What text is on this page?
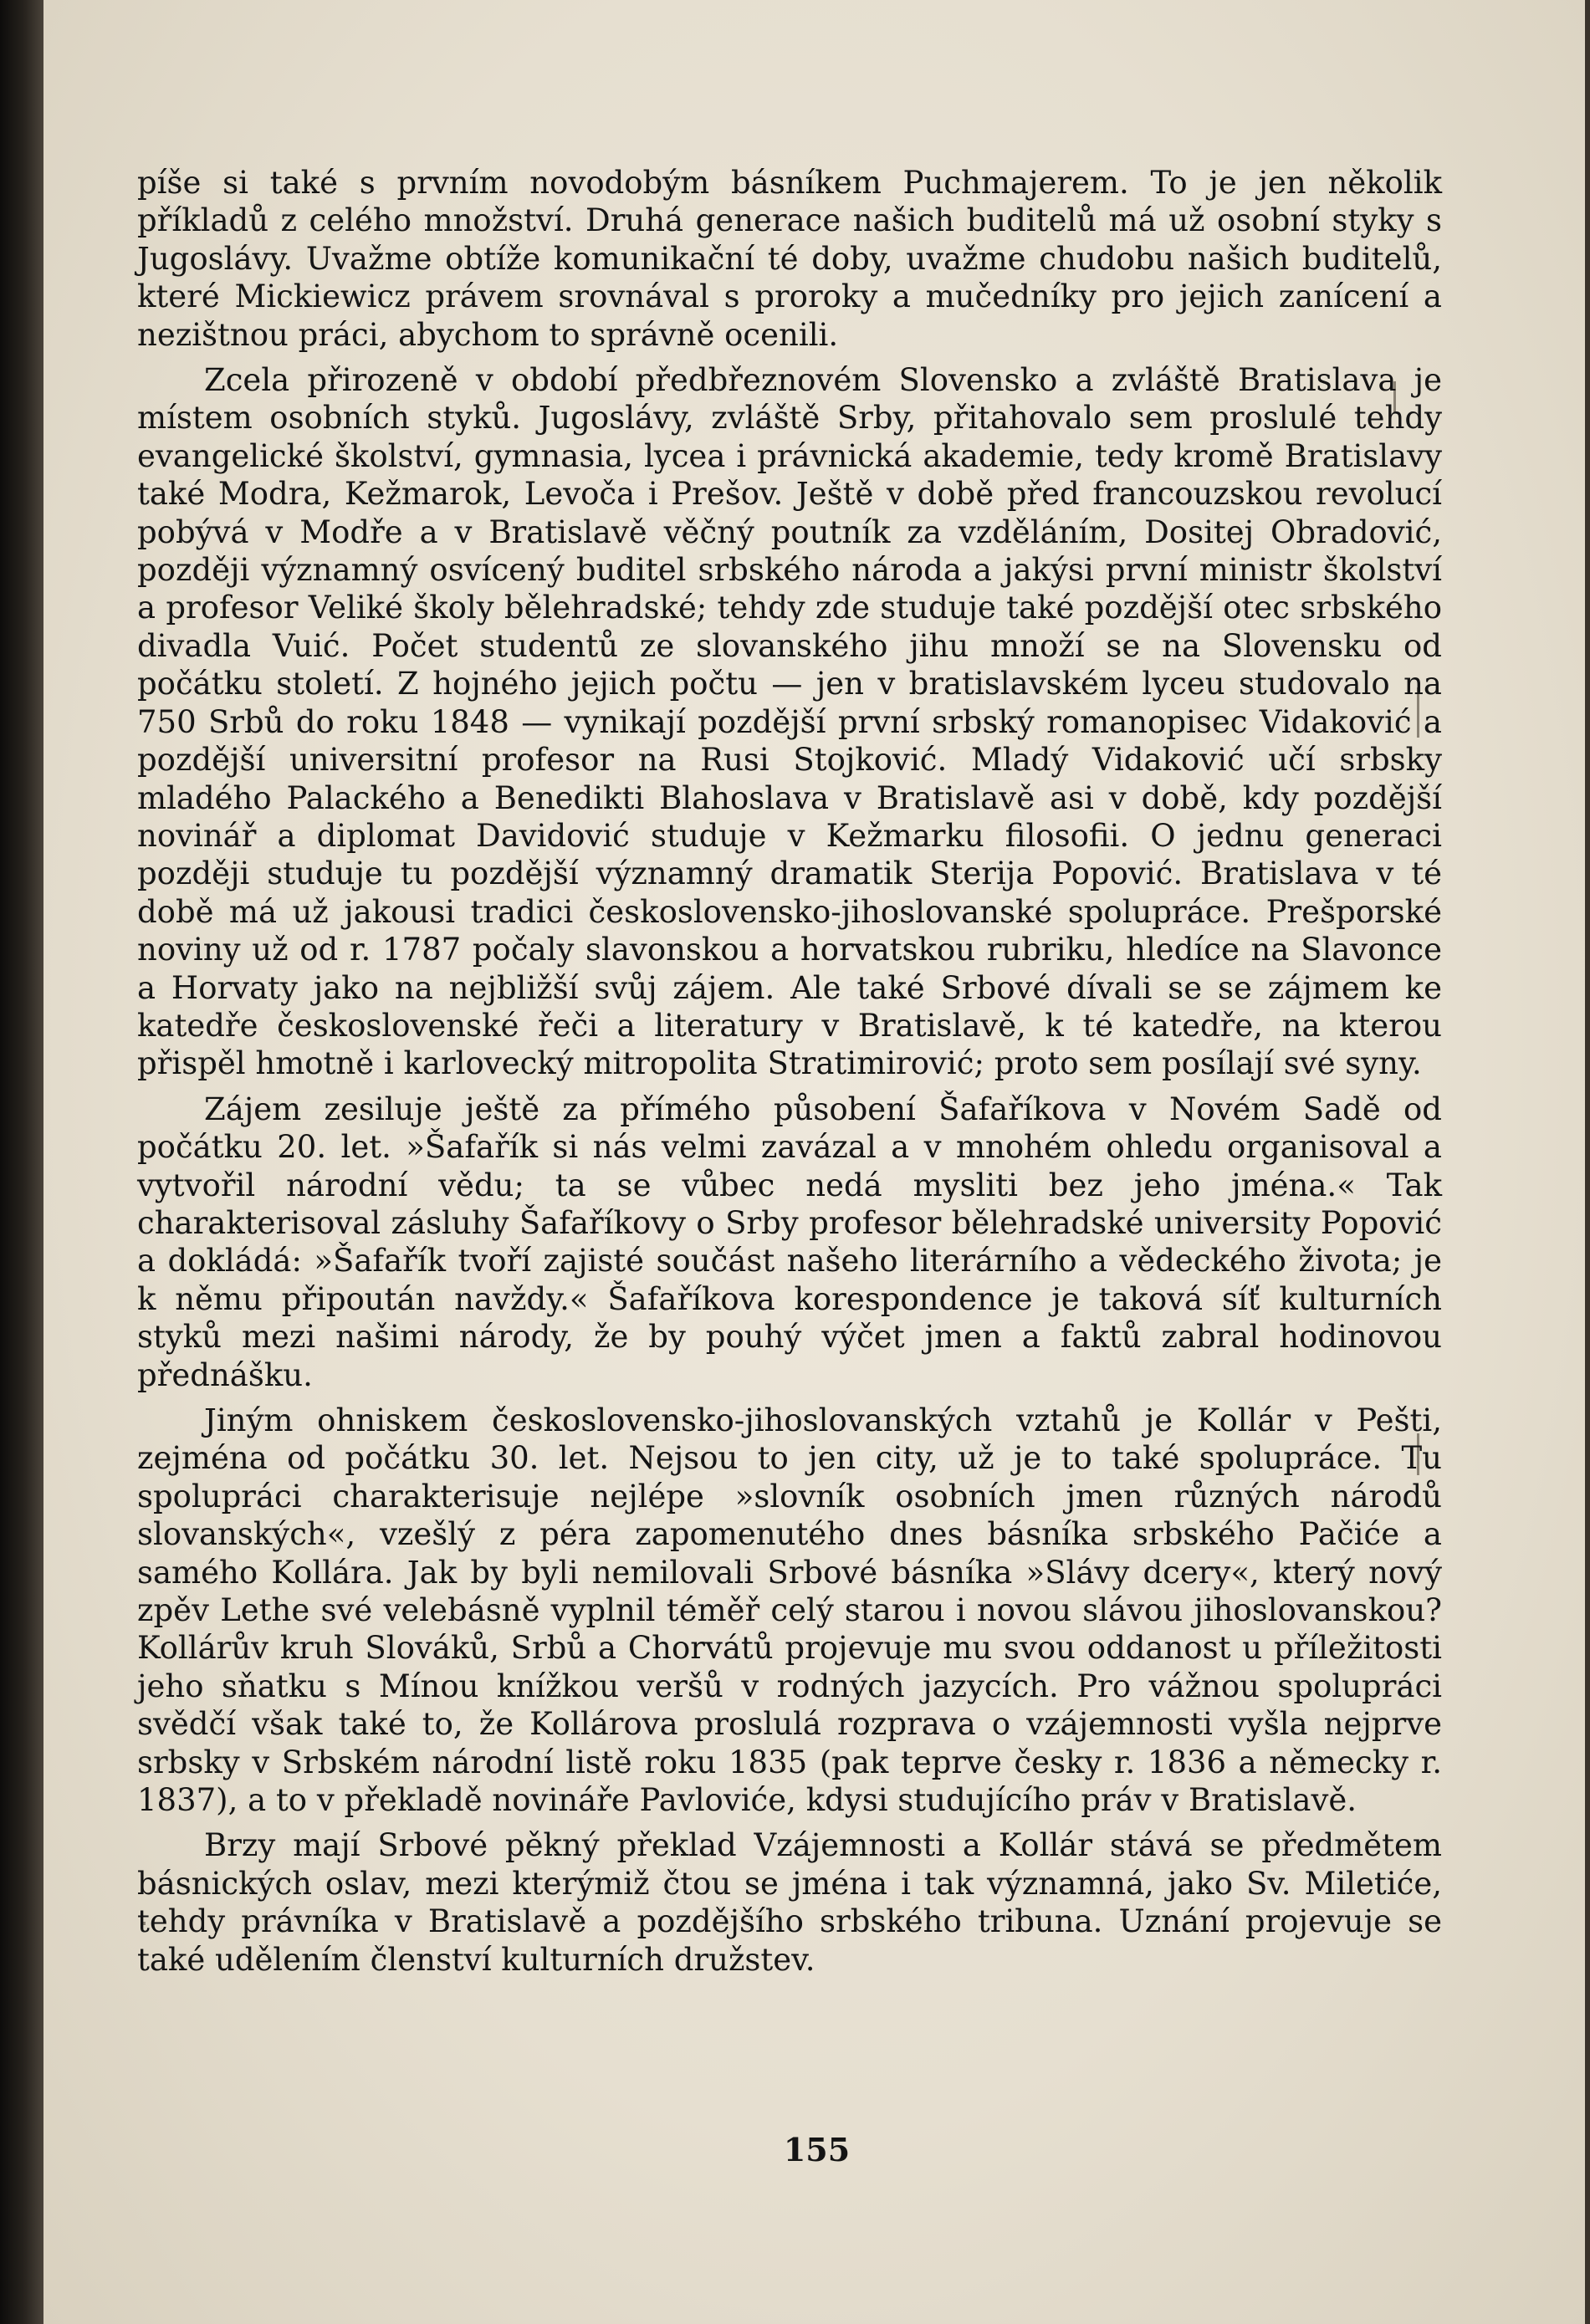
píše si také s prvním novodobým básníkem Puchmajerem. To je jen několik příkladů z celého množství. Druhá generace našich buditelů má už osobní styky s Jugoslávy. Uvažme obtíže komunikační té doby, uvažme chudobu našich buditelů, které Mickiewicz právem srovnával s proroky a mučedníky pro jejich zanícení a nezištnou práci, abychom to správně ocenili.

Zcela přirozeně v období předbřeznovém Slovensko a zvláště Bratislava je místem osobních styků. Jugoslávy, zvláště Srby, přitahovalo sem proslulé tehdy evangelické školství, gymnasia, lycea i právnická akademie, tedy kromě Bratislavy také Modra, Kežmarok, Levoča i Prešov. Ještě v době před francouzskou revolucí pobývá v Modře a v Bratislavě věčný poutník za vzděláním, Dositej Obradović, později významný osvícený buditel srbského národa a jakýsi první ministr školství a profesor Veliké školy bělehradské; tehdy zde studuje také pozdější otec srbského divadla Vuić. Počet studentů ze slovanského jihu množí se na Slovensku od počátku století. Z hojného jejich počtu — jen v bratislavském lyceu studovalo na 750 Srbů do roku 1848 — vynikají pozdější první srbský romanopisec Vidaković a pozdější universitní profesor na Rusi Stojković. Mladý Vidaković učí srbsky mladého Palackého a Benedikti Blahoslava v Bratislavě asi v době, kdy pozdější novinář a diplomat Davidović studuje v Kežmarku filosofii. O jednu generaci později studuje tu pozdější významný dramatik Sterija Popović. Bratislava v té době má už jakousi tradici československo-jihoslovanské spolupráce. Prešporské noviny už od r. 1787 počaly slavonskou a horvatskou rubriku, hledíce na Slavonce a Horvaty jako na nejbližší svůj zájem. Ale také Srbové dívali se se zájmem ke katedře československé řeči a literatury v Bratislavě, k té katedře, na kterou přispěl hmotně i karlovecký mitropolita Stratimirović; proto sem posílají své syny.

Zájem zesiluje ještě za přímého působení Šafaříkova v Novém Sadě od počátku 20. let. »Šafařík si nás velmi zavázal a v mnohém ohledu organisoval a vytvořil národní vědu; ta se vůbec nedá mysliti bez jeho jména.« Tak charakterisoval zásluhy Šafaříkovy o Srby profesor bělehradské university Popović a dokládá: »Šafařík tvoří zajisté součást našeho literárního a vědeckého života; je k němu připoután navždy.« Šafaříkova korespondence je taková síť kulturních styků mezi našimi národy, že by pouhý výčet jmen a faktů zabral hodinovou přednášku.

Jiným ohniskem československo-jihoslovanských vztahů je Kollár v Pešti, zejména od počátku 30. let. Nejsou to jen city, už je to také spolupráce. Tu spolupráci charakterisuje nejlépe »slovník osobních jmen různých národů slovanských«, vzešlý z péra zapomenutého dnes básníka srbského Pačiće a samého Kollára. Jak by byli nemilovali Srbové básníka »Slávy dcery«, který nový zpěv Lethe své velebásně vyplnil téměř celý starou i novou slávou jihoslovanskou? Kollárův kruh Slováků, Srbů a Chorvátů projevuje mu svou oddanost u příležitosti jeho sňatku s Mínou knížkou veršů v rodných jazycích. Pro vážnou spolupráci svědčí však také to, že Kollárova proslulá rozprava o vzájemnosti vyšla nejprve srbsky v Srbském národní listě roku 1835 (pak teprve česky r. 1836 a německy r. 1837), a to v překladě novináře Pavloviće, kdysi studujícího práv v Bratislavě.

Brzy mají Srbové pěkný překlad Vzájemnosti a Kollár stává se předmětem básnických oslav, mezi kterýmiž čtou se jména i tak významná, jako Sv. Miletiće, tehdy právníka v Bratislavě a pozdějšího srbského tribuna. Uznání projevuje se také udělením členství kulturních družstev.

155
